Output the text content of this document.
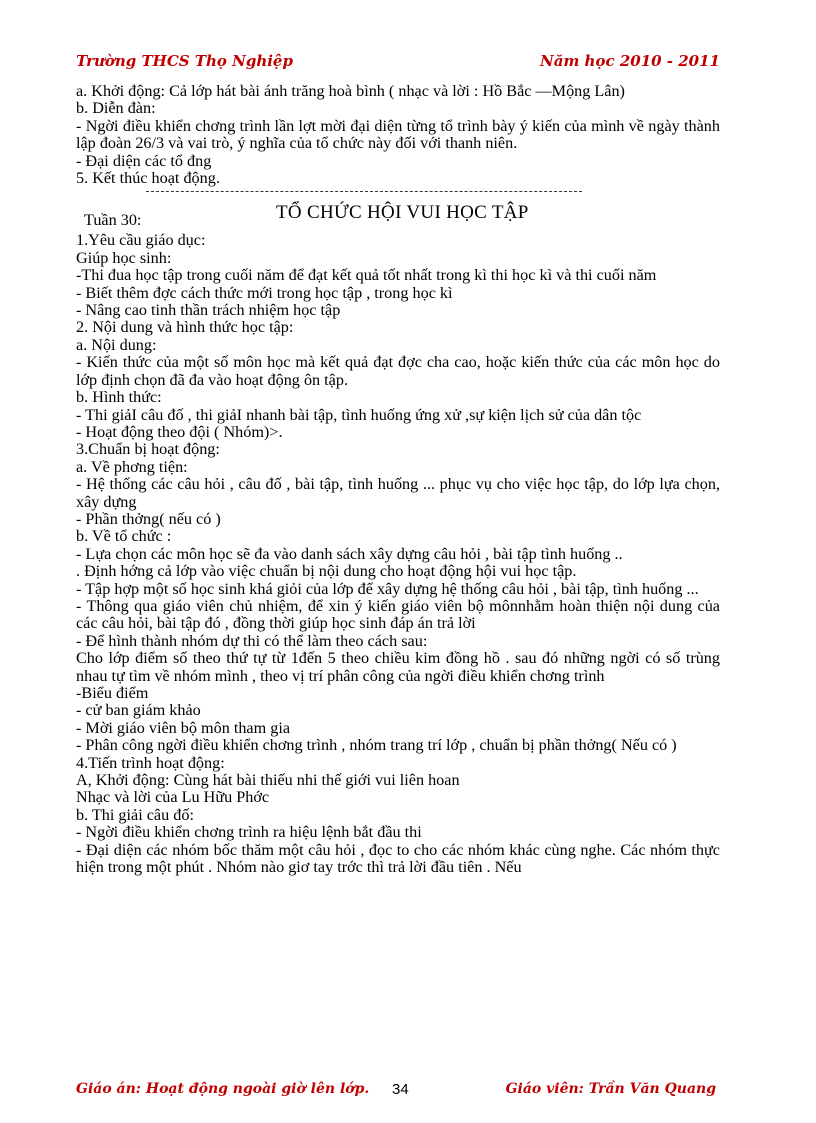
Trường THCS Thọ Nghiệp	Năm học 2010 - 2011

a. Khởi động: Cả lớp hát bài ánh trăng hoà bình ( nhạc và lời : Hồ Bắc —Mộng Lân)

b. Diễn đàn:

- Ngời điều khiển chơng trình lần lợt mời đại diện từng tổ trình bày ý kiến của mình về ngày thành lập đoàn 26/3 và vai trò, ý nghĩa của tổ chức này đối với thanh niên.

- Đại diện các tổ đng

5. Kết thúc hoạt động.

Tuần 30:	TỔ CHỨC HỘI VUI HỌC TẬP

1.Yêu cầu giáo dục:

Giúp học sinh:

-Thi đua học tập trong cuối năm để đạt kết quả tốt nhất trong kì thi học kì và thi cuối năm

- Biết thêm đợc cách thức mới trong học tập , trong học kì

- Nâng cao tinh thần trách nhiệm học tập

2. Nội dung và hình thức học tập:

a. Nội dung:

- Kiến thức của một số môn học mà kết quả đạt đợc cha cao, hoặc kiến thức của các môn học do lớp định chọn đã đa vào hoạt động ôn tập.

b. Hình thức:

- Thi giảI câu đố , thi giảI nhanh bài tập, tình huống ứng xử ,sự kiện lịch sử của dân tộc

- Hoạt động theo đội ( Nhóm)>.

3.Chuẩn bị hoạt động:

a. Về phơng tiện:

- Hệ thống các câu hỏi , câu đố , bài tập, tình huống ... phục vụ cho việc học tập, do lớp lựa chọn, xây dựng

- Phần thởng( nếu có )

b. Về tổ chức :

- Lựa chọn các môn học sẽ đa vào danh sách xây dựng câu hỏi , bài tập tình huống ..

. Định hớng cả lớp vào việc chuẩn bị nội dung cho hoạt động hội vui học tập.

- Tập hợp một số học sinh khá giỏi của lớp để xây dựng hệ thống câu hỏi , bài tập, tình huống ...

- Thông qua giáo viên chủ nhiệm, để xin ý kiến giáo viên bộ mônnhằm hoàn thiện nội dung của các câu hỏi, bài tập đó , đồng thời giúp học sinh đáp án trả lời

- Để hình thành nhóm dự thi có thể làm theo cách sau:

Cho lớp điểm số theo thứ tự từ 1đến 5 theo chiều kim đồng hồ . sau đó những ngời có số trùng nhau tự tìm về nhóm mình , theo vị trí phân công của ngời điều khiển chơng trình

-Biểu điểm

- cử ban giám khảo

- Mời giáo viên bộ môn tham gia

- Phân công ngời điều khiển chơng trình , nhóm trang trí lớp , chuẩn bị phần thởng( Nếu có )

4.Tiến trình hoạt động:

A, Khởi động: Cùng hát bài thiếu nhi thế giới vui liên hoan

Nhạc và lời của Lu Hữu Phớc

b. Thi giải câu đố:

- Ngời điều khiển chơng trình ra hiệu lệnh bắt đầu thi

- Đại diện các nhóm bốc thăm một câu hỏi , đọc to cho các nhóm khác cùng nghe. Các nhóm thực hiện trong một phút . Nhóm nào giơ tay trớc thì trả lời đầu tiên . Nếu

Giáo án: Hoạt động ngoài giờ lên lớp. 34	Giáo viên: Trần Văn Quang
